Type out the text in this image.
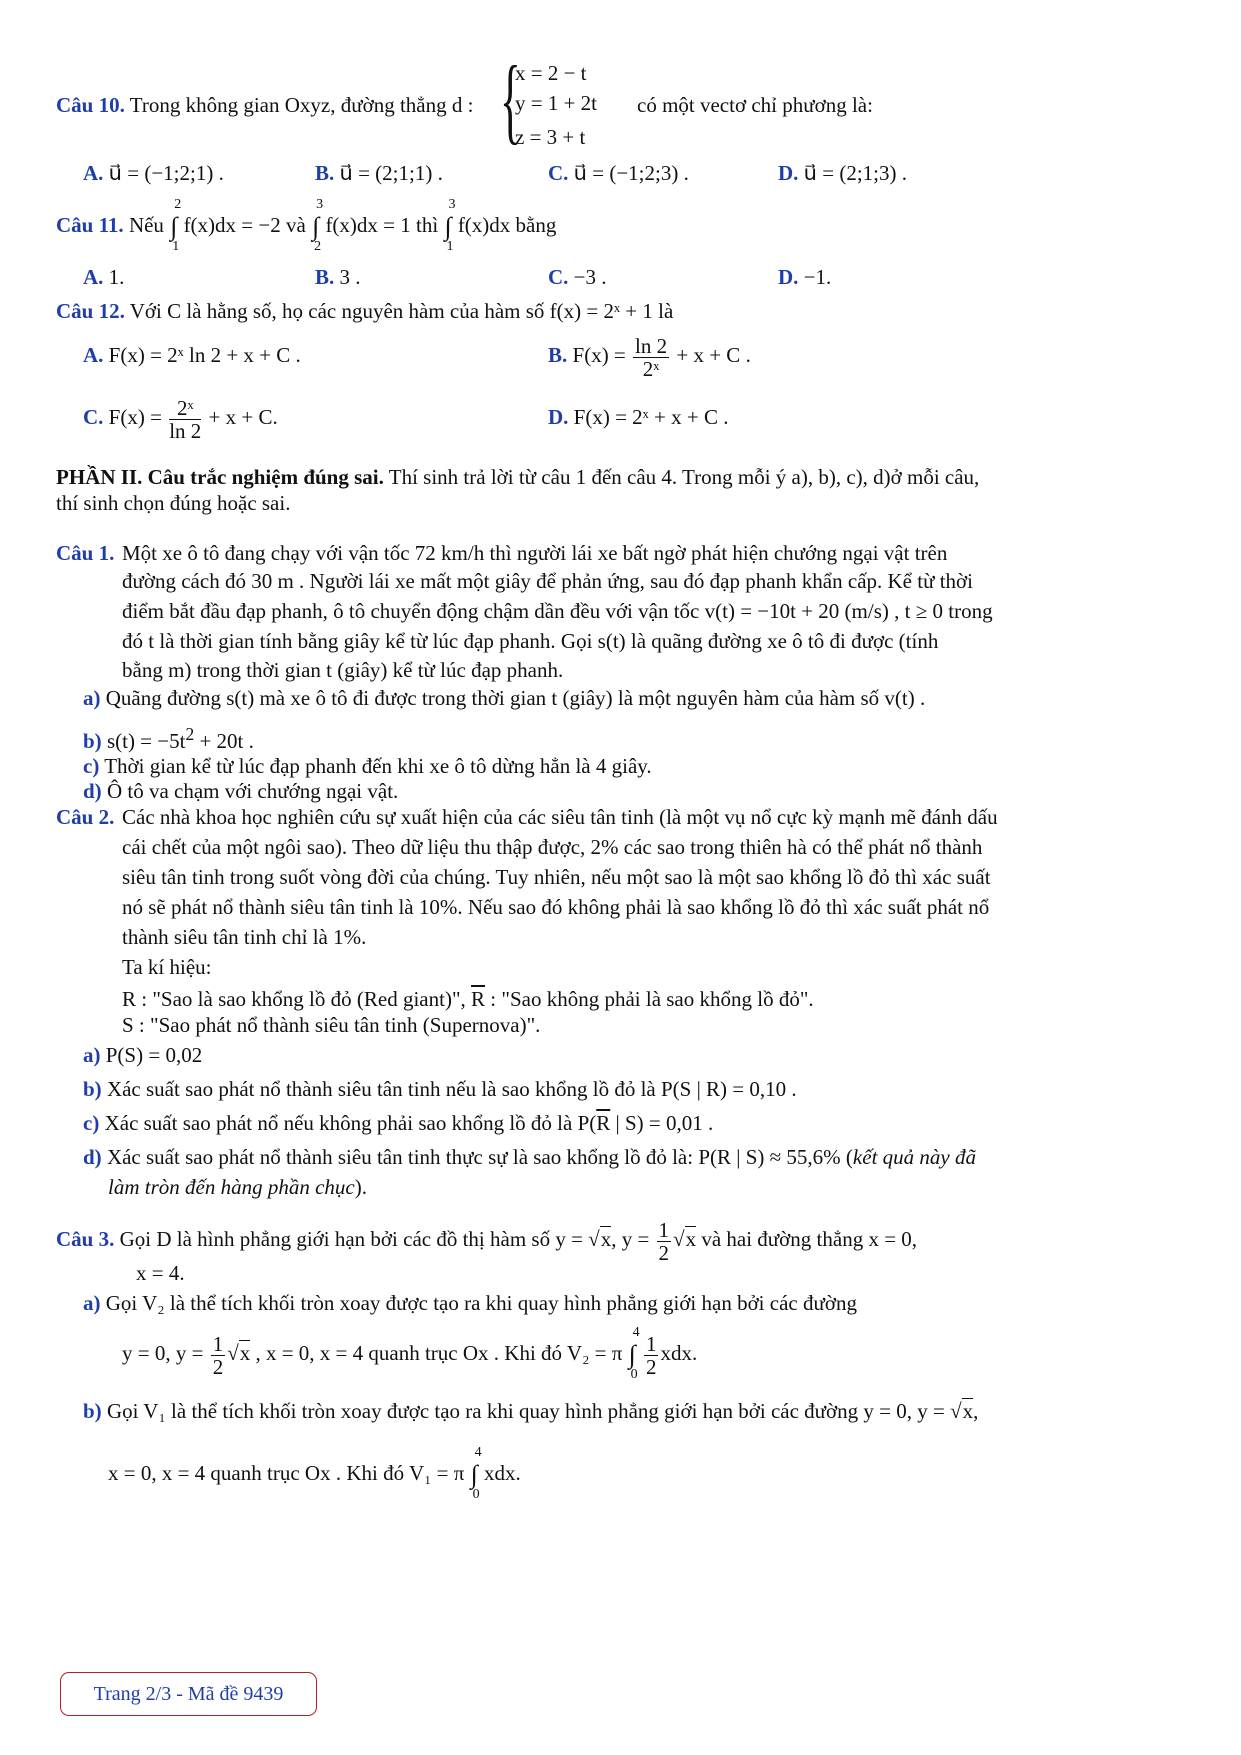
{
x = 2 − t
y = 1 + 2t
z = 3 + t
Câu 10. Trong không gian Oxyz, đường thẳng d :	có một vectơ chỉ phương là:
A. u⃗ = (−1;2;1) .	B. u⃗ = (2;1;1) .	C. u⃗ = (−1;2;3) .	D. u⃗ = (2;1;3) .
Câu 11. Nếu ∫
2
1
f(x)dx = −2 và ∫
3
2
f(x)dx = 1 thì ∫
3
1
f(x)dx bằng
A. 1.	B. 3 .	C. −3 .	D. −1.
Câu 12. Với C là hằng số, họ các nguyên hàm của hàm số f(x) = 2ˣ + 1 là
A. F(x) = 2ˣ ln 2 + x + C .	B. $F(x) = \frac{\ln 2}{\text{2ˣ}} + x + C$ .
C. $F(x) = \frac{\text{2ˣ}}{\ln 2} + x + C$.	D. F(x) = 2ˣ + x + C .
PHẦN II. Câu trắc nghiệm đúng sai. Thí sinh trả lời từ câu 1 đến câu 4. Trong mỗi ý a), b), c), d)ở mỗi câu,
thí sinh chọn đúng hoặc sai.
Câu 1. Một xe ô tô đang chạy với vận tốc 72 km/h thì người lái xe bất ngờ phát hiện chướng ngại vật trên
đường cách đó 30 m . Người lái xe mất một giây để phản ứng, sau đó đạp phanh khẩn cấp. Kể từ thời
điểm bắt đầu đạp phanh, ô tô chuyển động chậm dần đều với vận tốc v(t) = −10t + 20 (m/s) , t ≥ 0 trong
đó t là thời gian tính bằng giây kể từ lúc đạp phanh. Gọi s(t) là quãng đường xe ô tô đi được (tính
bằng m) trong thời gian t (giây) kể từ lúc đạp phanh.
a) Quãng đường s(t) mà xe ô tô đi được trong thời gian t (giây) là một nguyên hàm của hàm số v(t) .
b) $s(t) = -5t^2 + 20t$ .
c) Thời gian kể từ lúc đạp phanh đến khi xe ô tô dừng hẳn là 4 giây.
d) Ô tô va chạm với chướng ngại vật.
Câu 2. Các nhà khoa học nghiên cứu sự xuất hiện của các siêu tân tinh (là một vụ nổ cực kỳ mạnh mẽ đánh dấu
cái chết của một ngôi sao). Theo dữ liệu thu thập được, 2% các sao trong thiên hà có thể phát nổ thành
siêu tân tinh trong suốt vòng đời của chúng. Tuy nhiên, nếu một sao là một sao khổng lồ đỏ thì xác suất
nó sẽ phát nổ thành siêu tân tinh là 10%. Nếu sao đó không phải là sao khổng lồ đỏ thì xác suất phát nổ
thành siêu tân tinh chỉ là 1%.
Ta kí hiệu:
R : "Sao là sao khổng lồ đỏ (Red giant)", $\overline{R}$ : "Sao không phải là sao khổng lồ đỏ".
S : "Sao phát nổ thành siêu tân tinh (Supernova)".
a) P(S) = 0,02
b) Xác suất sao phát nổ thành siêu tân tinh nếu là sao khổng lồ đỏ là P(S | R) = 0,10 .
c) Xác suất sao phát nổ nếu không phải sao khổng lồ đỏ là $P(\overline{R}$ | S) = 0,01 .
d) Xác suất sao phát nổ thành siêu tân tinh thực sự là sao khổng lồ đỏ là: P(R | S) ≈ 55,6% (kết quả này đã
làm tròn đến hàng phần chục).
Câu 3. Gọi D là hình phẳng giới hạn bởi các đồ thị hàm số y = √x, $y = \frac{1}{2} √x$ và hai đường thẳng x = 0,
x = 4.
a) Gọi V₂ là thể tích khối tròn xoay được tạo ra khi quay hình phẳng giới hạn bởi các đường
y = 0, $y = \frac{1}{2} √x$ , x = 0, x = 4 quanh trục Ox . Khi đó V₂ = π ∫
4
0
$\frac{1}{2}$ xdx.
b) Gọi V₁ là thể tích khối tròn xoay được tạo ra khi quay hình phẳng giới hạn bởi các đường y = 0, y = √x,
x = 0, x = 4 quanh trục Ox . Khi đó V₁ = π ∫
4
0
xdx.
Trang 2/3 - Mã đề 9439
